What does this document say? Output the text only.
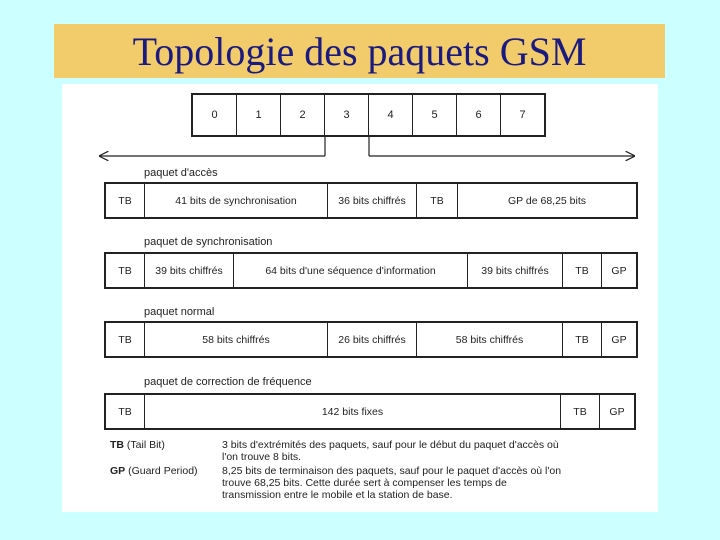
Topologie des paquets GSM
0	1	2	3	4	5	6	7
paquet d'accès
TB	41 bits de synchronisation	36 bits chiffrés	TB	GP de 68,25 bits
paquet de synchronisation
TB	39 bits chiffrés	64 bits d'une séquence d'information	39 bits chiffrés	TB	GP
paquet normal
TB	58 bits chiffrés	26 bits chiffrés	58 bits chiffrés	TB	GP
paquet de correction de fréquence
TB	142 bits fixes	TB	GP
TB (Tail Bit)	3 bits d'extrémités des paquets, sauf pour le début du paquet d'accès où l'on trouve 8 bits.
GP (Guard Period)	8,25 bits de terminaison des paquets, sauf pour le paquet d'accès où l'on trouve 68,25 bits. Cette durée sert à compenser les temps de transmission entre le mobile et la station de base.
